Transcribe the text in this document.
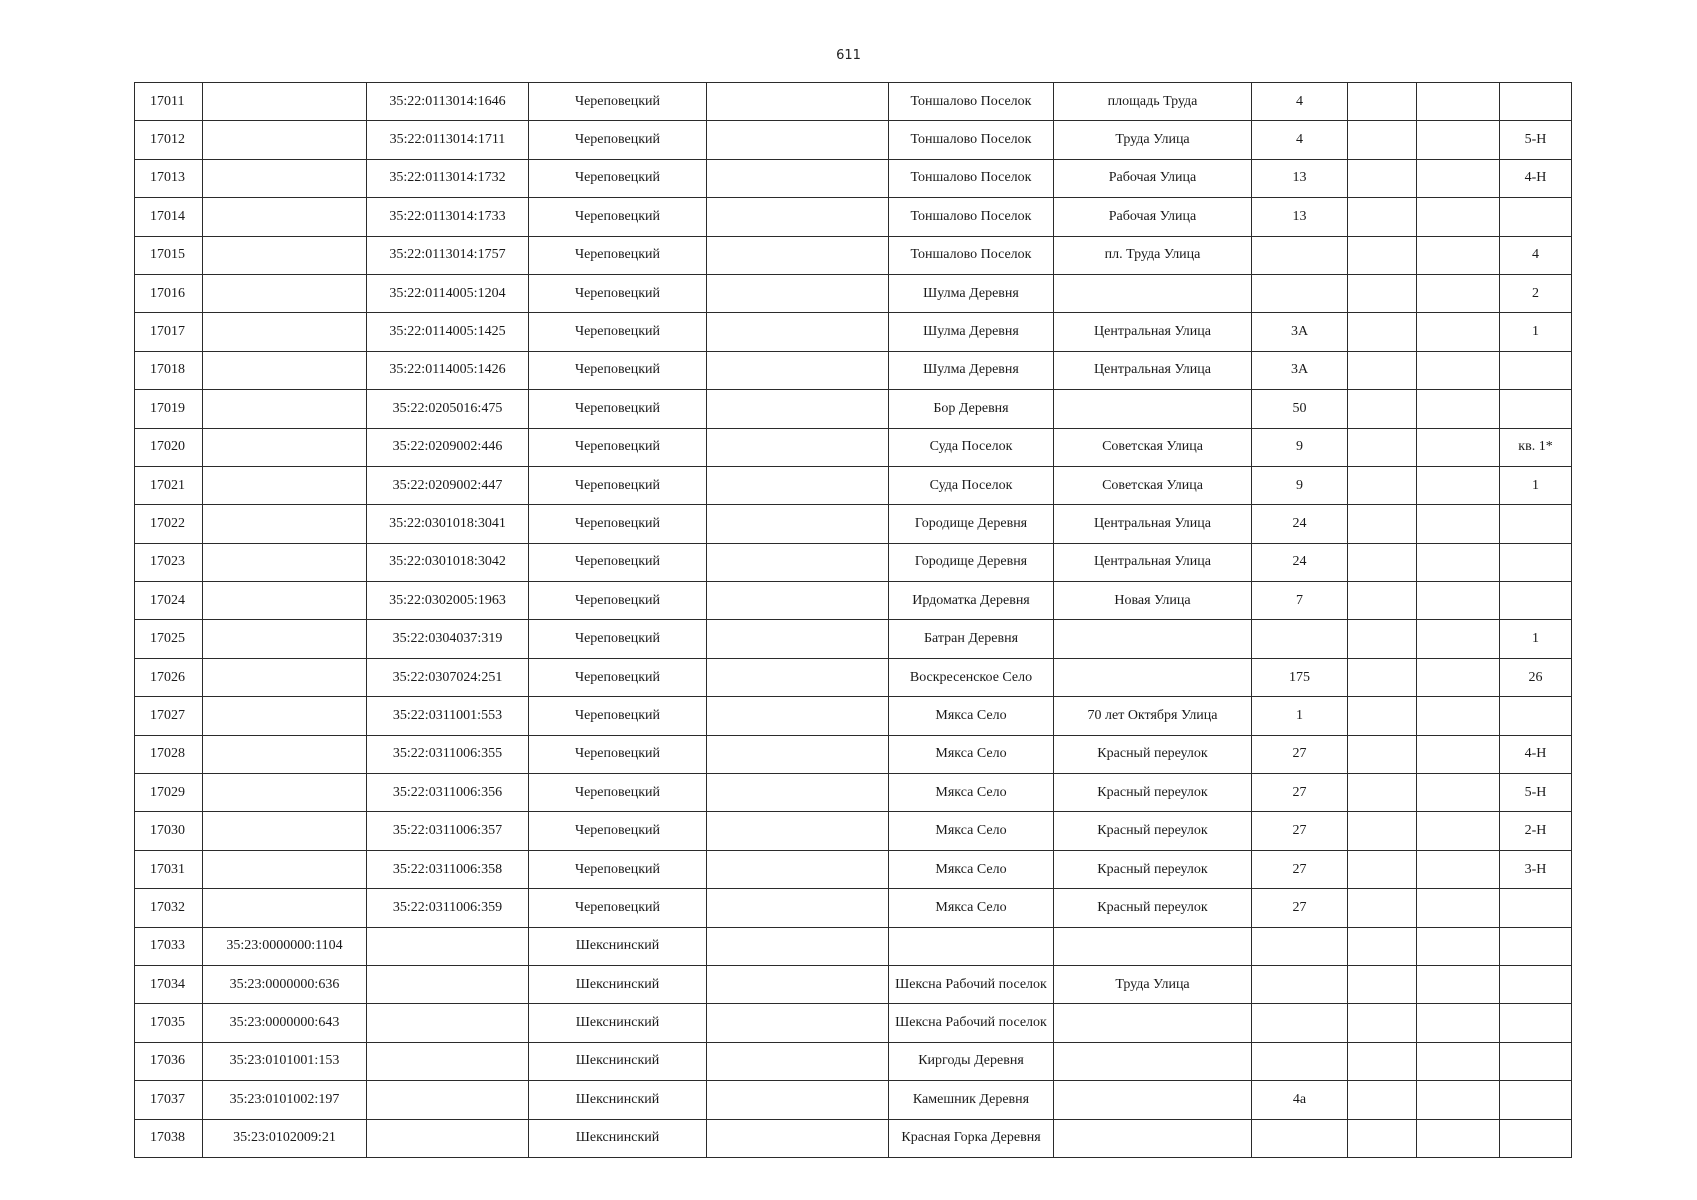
611
17011		35:22:0113014:1646	Череповецкий		Тоншалово Поселок	площадь Труда	4			
17012		35:22:0113014:1711	Череповецкий		Тоншалово Поселок	Труда Улица	4			5-Н
17013		35:22:0113014:1732	Череповецкий		Тоншалово Поселок	Рабочая Улица	13			4-Н
17014		35:22:0113014:1733	Череповецкий		Тоншалово Поселок	Рабочая Улица	13			
17015		35:22:0113014:1757	Череповецкий		Тоншалово Поселок	пл. Труда Улица				4
17016		35:22:0114005:1204	Череповецкий		Шулма Деревня					2
17017		35:22:0114005:1425	Череповецкий		Шулма Деревня	Центральная Улица	3А			1
17018		35:22:0114005:1426	Череповецкий		Шулма Деревня	Центральная Улица	3А			
17019		35:22:0205016:475	Череповецкий		Бор Деревня		50			
17020		35:22:0209002:446	Череповецкий		Суда Поселок	Советская Улица	9			кв. 1*
17021		35:22:0209002:447	Череповецкий		Суда Поселок	Советская Улица	9			1
17022		35:22:0301018:3041	Череповецкий		Городище Деревня	Центральная Улица	24			
17023		35:22:0301018:3042	Череповецкий		Городище Деревня	Центральная Улица	24			
17024		35:22:0302005:1963	Череповецкий		Ирдоматка Деревня	Новая Улица	7			
17025		35:22:0304037:319	Череповецкий		Батран Деревня					1
17026		35:22:0307024:251	Череповецкий		Воскресенское Село		175			26
17027		35:22:0311001:553	Череповецкий		Мякса Село	70 лет Октября Улица	1			
17028		35:22:0311006:355	Череповецкий		Мякса Село	Красный переулок	27			4-Н
17029		35:22:0311006:356	Череповецкий		Мякса Село	Красный переулок	27			5-Н
17030		35:22:0311006:357	Череповецкий		Мякса Село	Красный переулок	27			2-Н
17031		35:22:0311006:358	Череповецкий		Мякса Село	Красный переулок	27			3-Н
17032		35:22:0311006:359	Череповецкий		Мякса Село	Красный переулок	27			
17033	35:23:0000000:1104		Шекснинский							
17034	35:23:0000000:636		Шекснинский		Шексна Рабочий поселок	Труда Улица				
17035	35:23:0000000:643		Шекснинский		Шексна Рабочий поселок					
17036	35:23:0101001:153		Шекснинский		Киргоды Деревня					
17037	35:23:0101002:197		Шекснинский		Камешник Деревня		4а			
17038	35:23:0102009:21		Шекснинский		Красная Горка Деревня					
